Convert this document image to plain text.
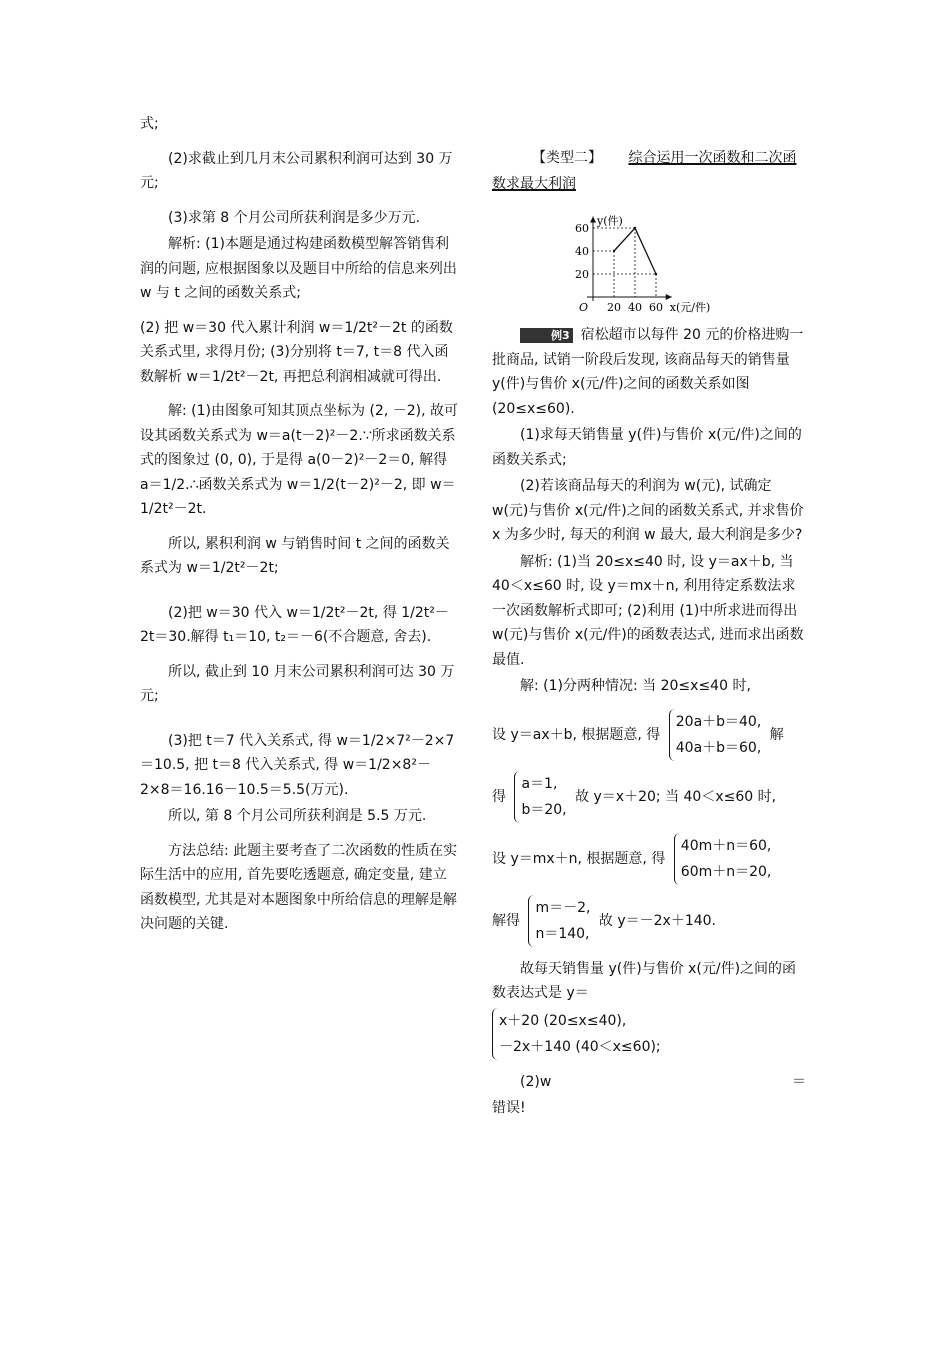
式;
(2)求截止到几月末公司累积利润可达到 30 万元;
(3)求第 8 个月公司所获利润是多少万元.
解析: (1)本题是通过构建函数模型解答销售利润的问题, 应根据图象以及题目中所给的信息来列出 w 与 t 之间的函数关系式;
(2) 把 w＝30 代入累计利润 w＝1/2t²－2t 的函数关系式里, 求得月份; (3)分别将 t＝7, t＝8 代入函数解析 w＝1/2t²－2t, 再把总利润相减就可得出.
解: (1)由图象可知其顶点坐标为 (2, －2), 故可设其函数关系式为 w＝a(t－2)²－2.∵所求函数关系式的图象过 (0, 0), 于是得 a(0－2)²－2＝0, 解得 a＝1/2.∴函数关系式为 w＝1/2(t－2)²－2, 即 w＝1/2t²－2t.
所以, 累积利润 w 与销售时间 t 之间的函数关系式为 w＝1/2t²－2t;
(2)把 w＝30 代入 w＝1/2t²－2t, 得 1/2t²－2t＝30.解得 t₁＝10, t₂＝－6(不合题意, 舍去).
所以, 截止到 10 月末公司累积利润可达 30 万元;
(3)把 t＝7 代入关系式, 得 w＝1/2×7²－2×7＝10.5, 把 t＝8 代入关系式, 得 w＝1/2×8²－2×8＝16.16－10.5＝5.5(万元).
所以, 第 8 个月公司所获利润是 5.5 万元.
方法总结: 此题主要考查了二次函数的性质在实际生活中的应用, 首先要吃透题意, 确定变量, 建立函数模型, 尤其是对本题图象中所给信息的理解是解决问题的关键.
【类型二】 综合运用一次函数和二次函数求最大利润
y(件)
x(元/件)
O 20 40 60
20
40
60
例3 宿松超市以每件 20 元的价格进购一批商品, 试销一阶段后发现, 该商品每天的销售量 y(件)与售价 x(元/件)之间的函数关系如图 (20≤x≤60).
(1)求每天销售量 y(件)与售价 x(元/件)之间的函数关系式;
(2)若该商品每天的利润为 w(元), 试确定 w(元)与售价 x(元/件)之间的函数关系式, 并求售价 x 为多少时, 每天的利润 w 最大, 最大利润是多少?
解析: (1)当 20≤x≤40 时, 设 y＝ax＋b, 当 40＜x≤60 时, 设 y＝mx＋n, 利用待定系数法求一次函数解析式即可; (2)利用 (1)中所求进而得出 w(元)与售价 x(元/件)的函数表达式, 进而求出函数最值.
解: (1)分两种情况: 当 20≤x≤40 时,
设 y＝ax＋b, 根据题意, 得 20a＋b＝40,
40a＋b＝60, 解
得 a＝1,
b＝20, 故 y＝x＋20; 当 40＜x≤60 时,
设 y＝mx＋n, 根据题意, 得 40m＋n＝60,
60m＋n＝20,
解得 m＝－2,
n＝140, 故 y＝－2x＋140.
故每天销售量 y(件)与售价 x(元/件)之间的函数表达式是 y＝
x＋20 (20≤x≤40),
－2x＋140 (40＜x≤60);
(2)w	＝
错误!
